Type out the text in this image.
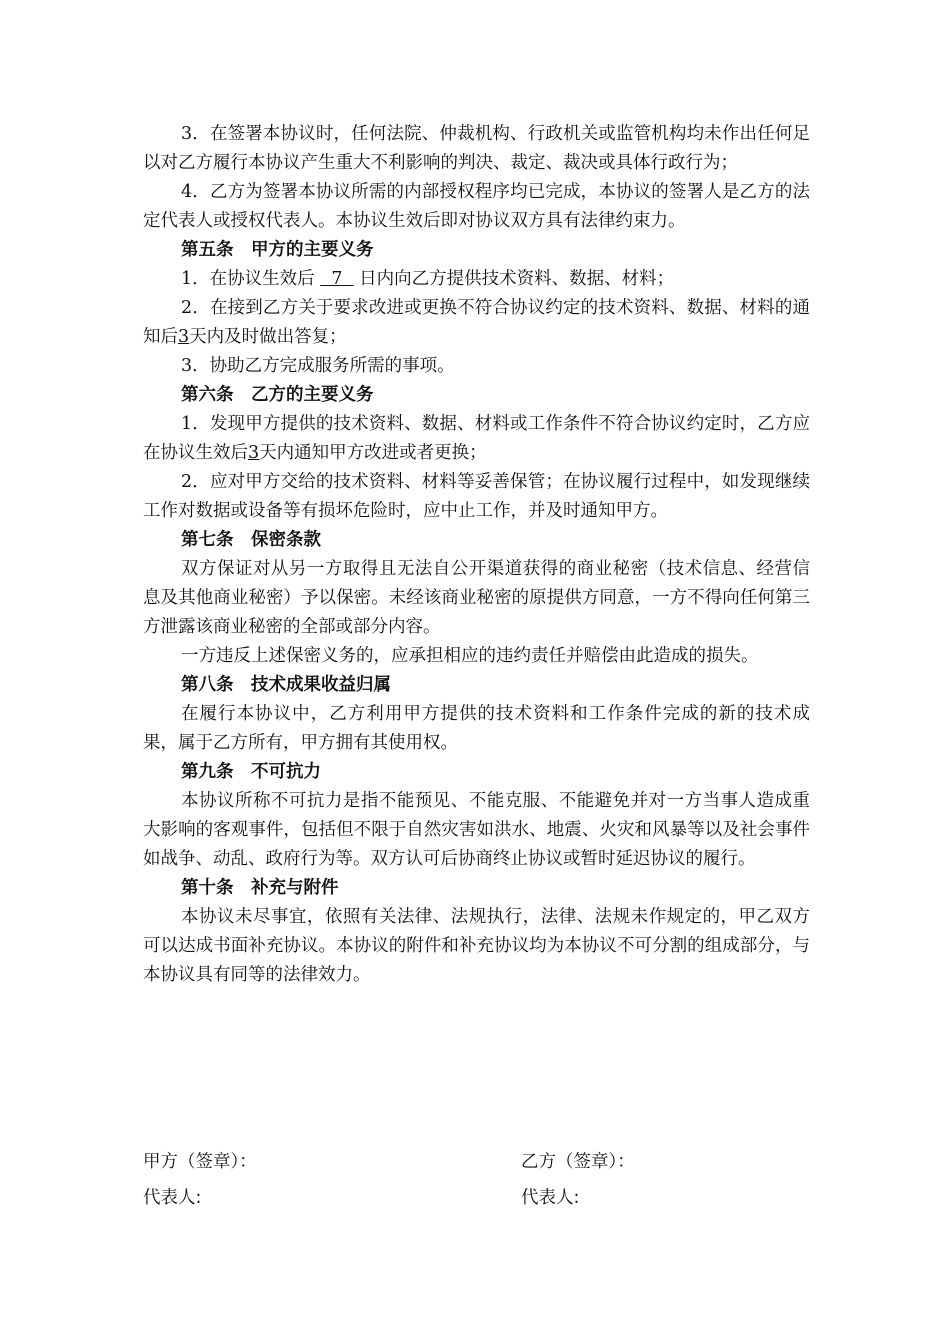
3．在签署本协议时，任何法院、仲裁机构、行政机关或监管机构均未作出任何足以对乙方履行本协议产生重大不利影响的判决、裁定、裁决或具体行政行为；

4．乙方为签署本协议所需的内部授权程序均已完成，本协议的签署人是乙方的法定代表人或授权代表人。本协议生效后即对协议双方具有法律约束力。

第五条　甲方的主要义务

1．在协议生效后   7   日内向乙方提供技术资料、数据、材料；

2．在接到乙方关于要求改进或更换不符合协议约定的技术资料、数据、材料的通知后3天内及时做出答复；

3．协助乙方完成服务所需的事项。

第六条　乙方的主要义务

1．发现甲方提供的技术资料、数据、材料或工作条件不符合协议约定时，乙方应在协议生效后3天内通知甲方改进或者更换；

2．应对甲方交给的技术资料、材料等妥善保管；在协议履行过程中，如发现继续工作对数据或设备等有损坏危险时，应中止工作，并及时通知甲方。

第七条　保密条款

双方保证对从另一方取得且无法自公开渠道获得的商业秘密（技术信息、经营信息及其他商业秘密）予以保密。未经该商业秘密的原提供方同意，一方不得向任何第三方泄露该商业秘密的全部或部分内容。

一方违反上述保密义务的，应承担相应的违约责任并赔偿由此造成的损失。

第八条　技术成果收益归属

在履行本协议中，乙方利用甲方提供的技术资料和工作条件完成的新的技术成果，属于乙方所有，甲方拥有其使用权。

第九条　不可抗力

本协议所称不可抗力是指不能预见、不能克服、不能避免并对一方当事人造成重大影响的客观事件，包括但不限于自然灾害如洪水、地震、火灾和风暴等以及社会事件如战争、动乱、政府行为等。双方认可后协商终止协议或暂时延迟协议的履行。

第十条　补充与附件

本协议未尽事宜，依照有关法律、法规执行，法律、法规未作规定的，甲乙双方可以达成书面补充协议。本协议的附件和补充协议均为本协议不可分割的组成部分，与本协议具有同等的法律效力。

甲方（签章）：
代表人:
乙方（签章）：
代表人:
